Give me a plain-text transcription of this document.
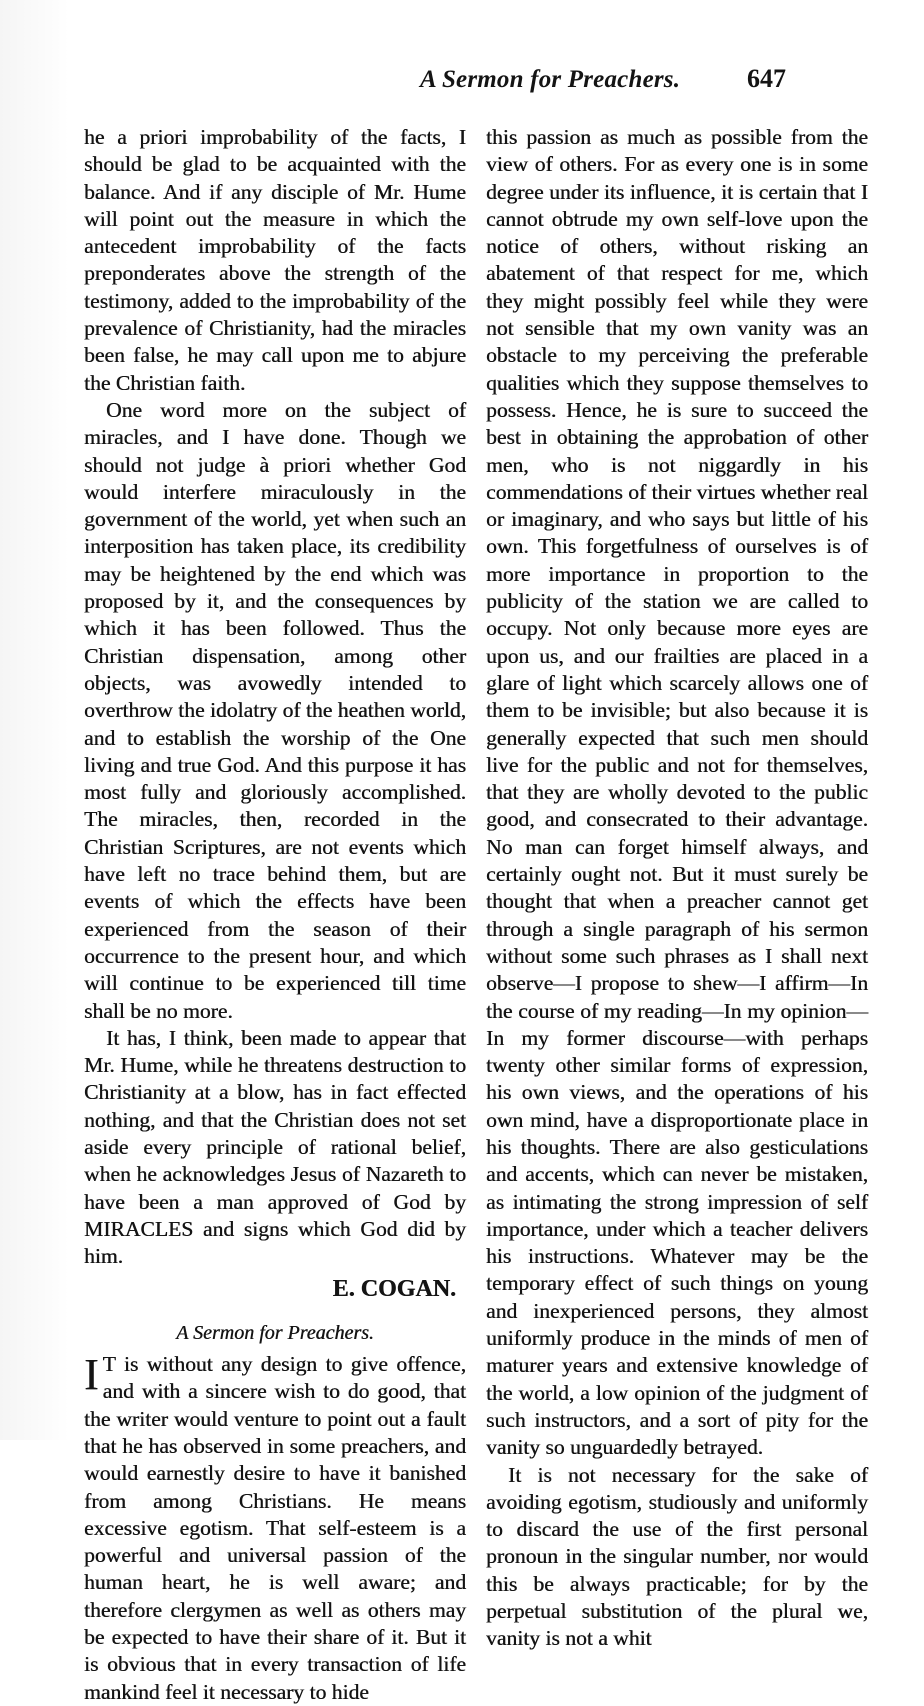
A Sermon for Preachers.	647

he a priori improbability of the facts, I should be glad to be acquainted with the balance. And if any disciple of Mr. Hume will point out the measure in which the antecedent improbability of the facts preponderates above the strength of the testimony, added to the improbability of the prevalence of Christianity, had the miracles been false, he may call upon me to abjure the Christian faith.

One word more on the subject of miracles, and I have done. Though we should not judge à priori whether God would interfere miraculously in the government of the world, yet when such an interposition has taken place, its credibility may be heightened by the end which was proposed by it, and the consequences by which it has been followed. Thus the Christian dispensation, among other objects, was avowedly intended to overthrow the idolatry of the heathen world, and to establish the worship of the One living and true God. And this purpose it has most fully and gloriously accomplished. The miracles, then, recorded in the Christian Scriptures, are not events which have left no trace behind them, but are events of which the effects have been experienced from the season of their occurrence to the present hour, and which will continue to be experienced till time shall be no more.

It has, I think, been made to appear that Mr. Hume, while he threatens destruction to Christianity at a blow, has in fact effected nothing, and that the Christian does not set aside every principle of rational belief, when he acknowledges Jesus of Nazareth to have been a man approved of God by MIRACLES and signs which God did by him.

E. COGAN.

A Sermon for Preachers.

I T is without any design to give offence, and with a sincere wish to do good, that the writer would venture to point out a fault that he has observed in some preachers, and would earnestly desire to have it banished from among Christians. He means excessive egotism. That self-esteem is a powerful and universal passion of the human heart, he is well aware; and therefore clergymen as well as others may be expected to have their share of it. But it is obvious that in every transaction of life mankind feel it necessary to hide

this passion as much as possible from the view of others. For as every one is in some degree under its influence, it is certain that I cannot obtrude my own self-love upon the notice of others, without risking an abatement of that respect for me, which they might possibly feel while they were not sensible that my own vanity was an obstacle to my perceiving the preferable qualities which they suppose themselves to possess. Hence, he is sure to succeed the best in obtaining the approbation of other men, who is not niggardly in his commendations of their virtues whether real or imaginary, and who says but little of his own. This forgetfulness of ourselves is of more importance in proportion to the publicity of the station we are called to occupy. Not only because more eyes are upon us, and our frailties are placed in a glare of light which scarcely allows one of them to be invisible; but also because it is generally expected that such men should live for the public and not for themselves, that they are wholly devoted to the public good, and consecrated to their advantage. No man can forget himself always, and certainly ought not. But it must surely be thought that when a preacher cannot get through a single paragraph of his sermon without some such phrases as I shall next observe—I propose to shew—I affirm—In the course of my reading—In my opinion—In my former discourse—with perhaps twenty other similar forms of expression, his own views, and the operations of his own mind, have a disproportionate place in his thoughts. There are also gesticulations and accents, which can never be mistaken, as intimating the strong impression of self importance, under which a teacher delivers his instructions. Whatever may be the temporary effect of such things on young and inexperienced persons, they almost uniformly produce in the minds of men of maturer years and extensive knowledge of the world, a low opinion of the judgment of such instructors, and a sort of pity for the vanity so unguardedly betrayed.

It is not necessary for the sake of avoiding egotism, studiously and uniformly to discard the use of the first personal pronoun in the singular number, nor would this be always practicable; for by the perpetual substitution of the plural we, vanity is not a whit
